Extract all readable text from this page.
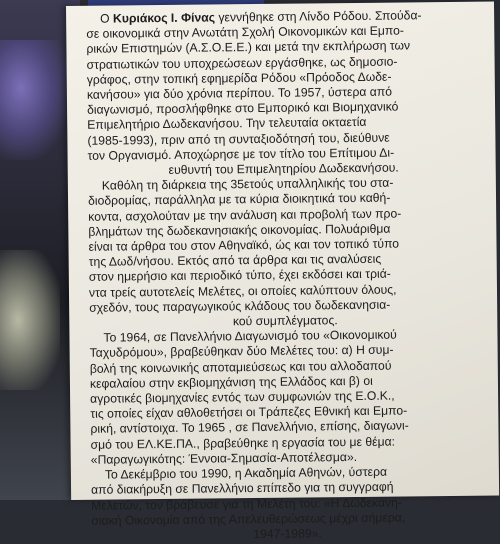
Ο Κυριάκος Ι. Φίνας γεννήθηκε στη Λίνδο Ρόδου. Σπούδα-
σε οικονομικά στην Ανωτάτη Σχολή Οικονομικών και Εμπο-
ρικών Επιστημών (Α.Σ.Ο.Ε.Ε.) και μετά την εκπλήρωση των
στρατιωτικών του υποχρεώσεων εργάσθηκε, ως δημοσιο-
γράφος, στην τοπική εφημερίδα Ρόδου «Πρόοδος Δωδε-
κανήσου» για δύο χρόνια περίπου. Το 1957, ύστερα από
διαγωνισμό, προσλήφθηκε στο Εμπορικό και Βιομηχανικό
Επιμελητήριο Δωδεκανήσου. Την τελευταία οκταετία
(1985-1993), πριν από τη συνταξιοδότησή του, διεύθυνε
τον Οργανισμό. Αποχώρησε με τον τίτλο του Επίτιμου Δι-
ευθυντή του Επιμελητηρίου Δωδεκανήσου.
Καθόλη τη διάρκεια της 35ετούς υπαλληλικής του στα-
διοδρομίας, παράλληλα με τα κύρια διοικητικά του καθή-
κοντα, ασχολούταν με την ανάλυση και προβολή των προ-
βλημάτων της δωδεκανησιακής οικονομίας. Πολυάριθμα
είναι τα άρθρα του στον Αθηναϊκό, ώς και τον τοπικό τύπο
της Δωδ/νήσου. Εκτός από τα άρθρα και τις αναλύσεις
στον ημερήσιο και περιοδικό τύπο, έχει εκδόσει και τριά-
ντα τρείς αυτοτελείς Μελέτες, οι οποίες καλύπτουν όλους,
σχεδόν, τους παραγωγικούς κλάδους του δωδεκανησια-
κού συμπλέγματος.
Το 1964, σε Πανελλήνιο Διαγωνισμό του «Οικονομικού
Ταχυδρόμου», βραβεύθηκαν δύο Μελέτες του: α) Η συμ-
βολή της κοινωνικής αποταμιεύσεως και του αλλοδαπού
κεφαλαίου στην εκβιομηχάνιση της Ελλάδος και β) οι
αγροτικές βιομηχανίες εντός των συμφωνιών της Ε.Ο.Κ.,
τις οποίες είχαν αθλοθετήσει οι Τράπεζες Εθνική και Εμπο-
ρική, αντίστοιχα. Το 1965 , σε Πανελλήνιο, επίσης, διαγωνι-
σμό του ΕΛ.ΚΕ.ΠΑ., βραβεύθηκε η εργασία του με θέμα:
«Παραγωγικότης: Έννοια-Σημασία-Αποτέλεσμα».
Το Δεκέμβριο του 1990, η Ακαδημία Αθηνών, ύστερα
από διακήρυξη σε Πανελλήνιο επίπεδο για τη συγγραφή
Μελετών, τον βράβευσε για τη Μελέτη του: «Η Δωδεκανη-
σιακή Οικονομία από της Απελευθερώσεως μέχρι σήμερα,
1947-1989».
